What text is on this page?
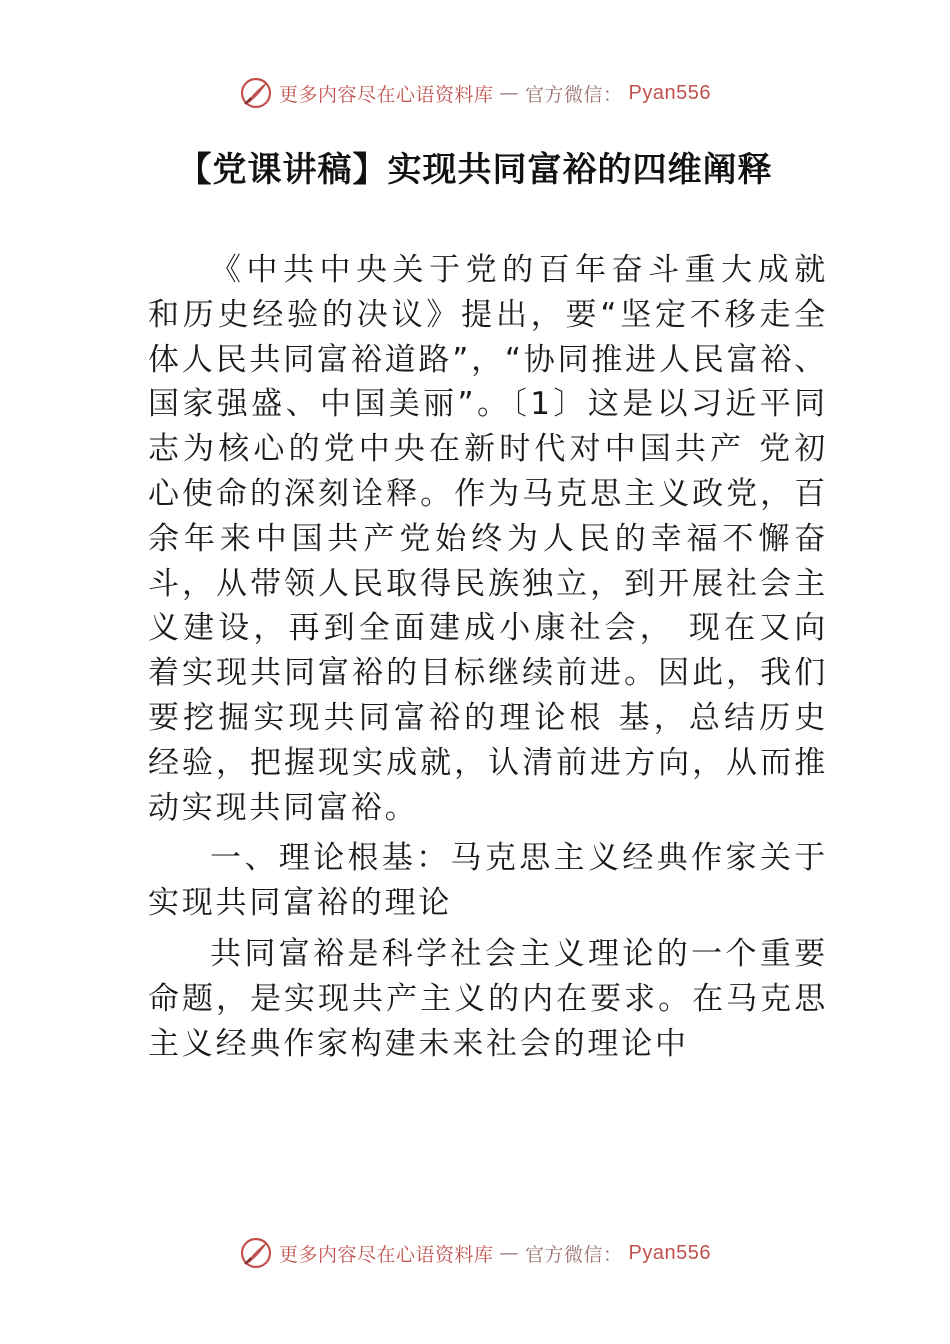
更多内容尽在心语资料库 — 官方微信： Pyan556
【党课讲稿】实现共同富裕的四维阐释

《中共中央关于党的百年奋斗重大成就 和历史经验的决议》提出，要“坚定不移走全体人民共同富裕道路”，“协同推进人民富裕、国家强盛、中国美丽”。〔1〕这是以习近平同志为核心的党中央在新时代对中国共产 党初心使命的深刻诠释。作为马克思主义政党，百余年来中国共产党始终为人民的幸福不懈奋斗，从带领人民取得民族独立，到开展社会主义建设，再到全面建成小康社会， 现在又向着实现共同富裕的目标继续前进。因此，我们要挖掘实现共同富裕的理论根 基，总结历史经验，把握现实成就，认清前进方向，从而推动实现共同富裕。

一、理论根基：马克思主义经典作家关于实现共同富裕的理论

共同富裕是科学社会主义理论的一个重要命题，是实现共产主义的内在要求。在马克思主义经典作家构建未来社会的理论中

更多内容尽在心语资料库 — 官方微信： Pyan556
